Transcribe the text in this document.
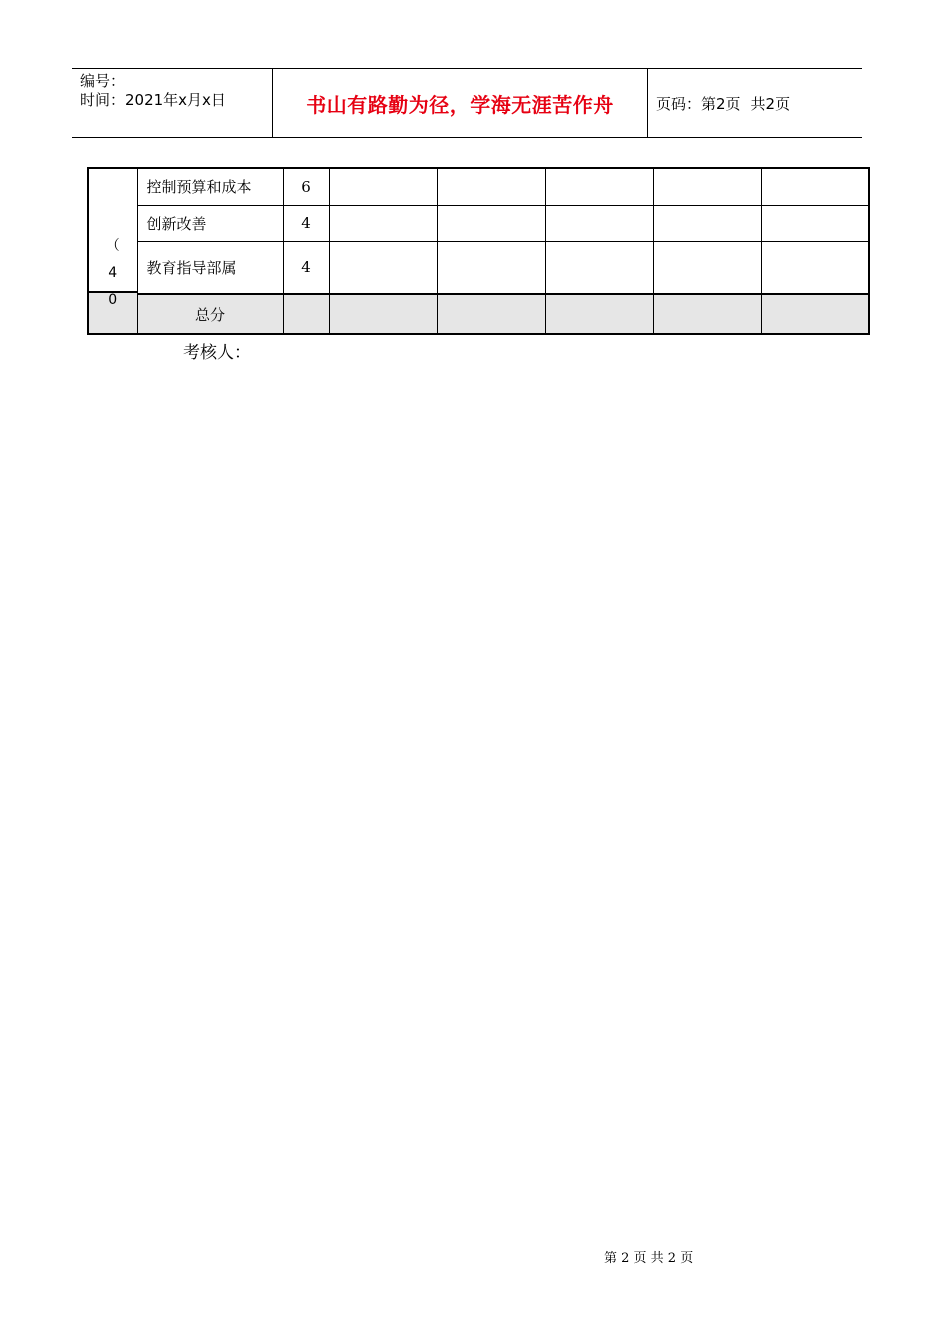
编号：
时间：2021年x月x日	书山有路勤为径，学海无涯苦作舟	页码：第2页 共2页
（
4
0	控制预算和成本	6					
	创新改善	4					
	教育指导部属	4					
	总分						
考核人：
第 2 页 共 2 页
